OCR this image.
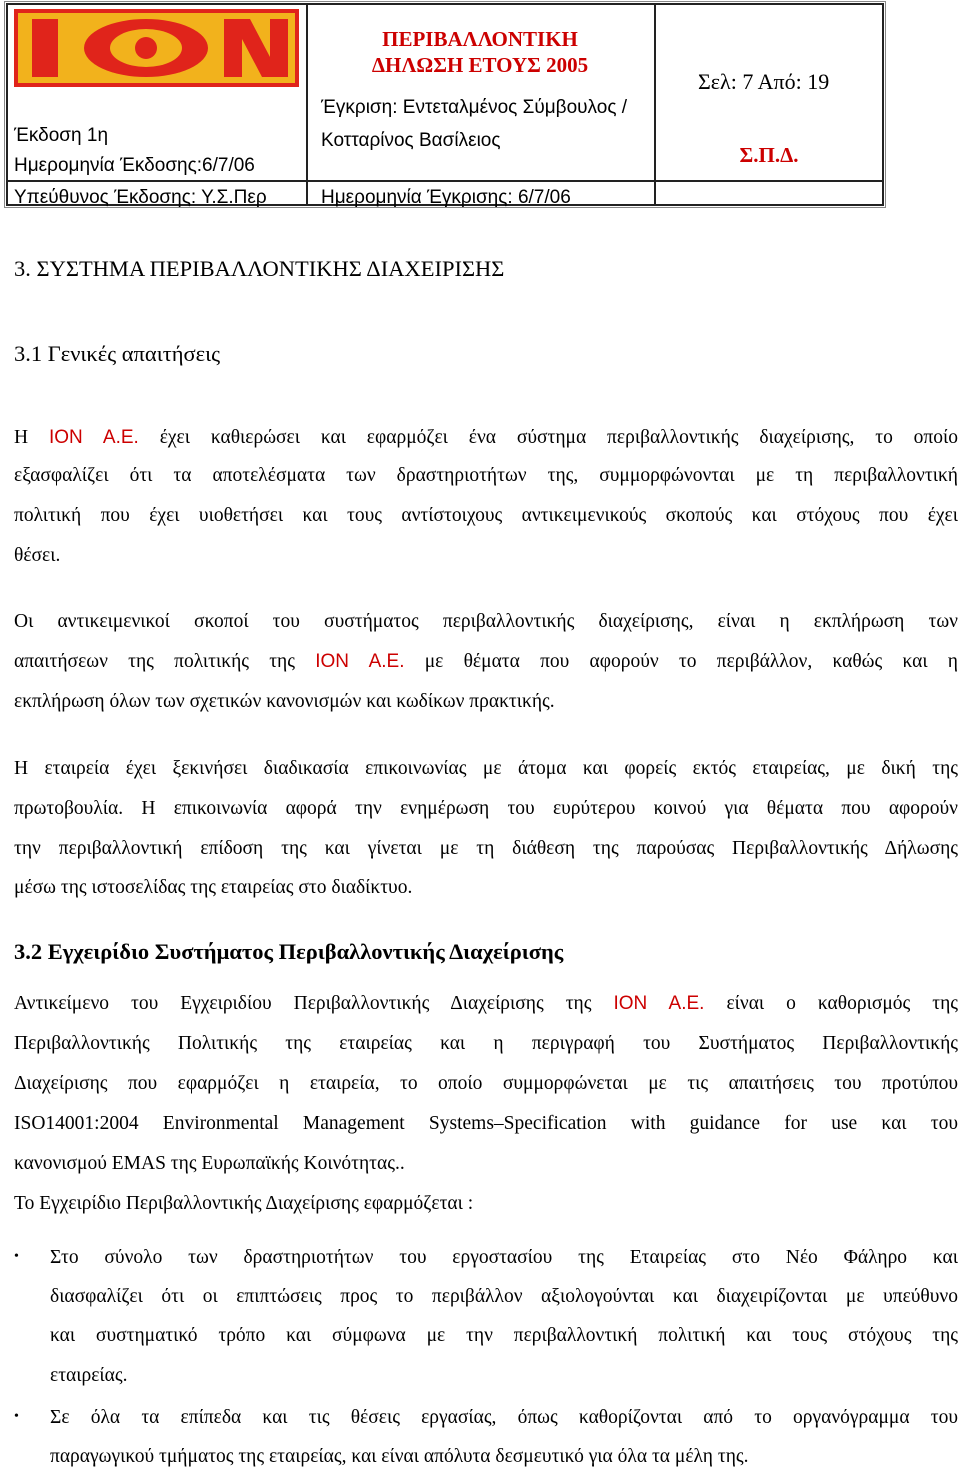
Έκδοση 1η
Ημερομηνία Έκδοσης:6/7/06
ΠΕΡΙΒΑΛΛΟΝΤΙΚΗ
ΔΗΛΩΣΗ ΕΤΟΥΣ 2005
Έγκριση: Εντεταλμένος Σύμβουλος /
Κοτταρίνος Βασίλειος
Σελ: 7 Από: 19
Σ.Π.Δ.
Υπεύθυνος Έκδοσης: Υ.Σ.Περ	Ημερομηνία Έγκρισης: 6/7/06
3. ΣΥΣΤΗΜΑ ΠΕΡΙΒΑΛΛΟΝΤΙΚΗΣ ΔΙΑΧΕΙΡΙΣΗΣ
3.1 Γενικές απαιτήσεις

Η ΙΟΝ Α.Ε. έχει καθιερώσει και εφαρμόζει ένα σύστημα περιβαλλοντικής διαχείρισης, το οποίο

εξασφαλίζει ότι τα αποτελέσματα των δραστηριοτήτων της, συμμορφώνονται με τη περιβαλλοντική

πολιτική που έχει υιοθετήσει και τους αντίστοιχους αντικειμενικούς σκοπούς και στόχους που έχει

θέσει.

Οι αντικειμενικοί σκοποί του συστήματος περιβαλλοντικής διαχείρισης, είναι η εκπλήρωση των

απαιτήσεων της πολιτικής της ΙΟΝ Α.Ε. με θέματα που αφορούν το περιβάλλον, καθώς και η

εκπλήρωση όλων των σχετικών κανονισμών και κωδίκων πρακτικής.

Η εταιρεία έχει ξεκινήσει διαδικασία επικοινωνίας με άτομα και φορείς εκτός εταιρείας, με δική της

πρωτοβουλία. Η επικοινωνία αφορά την ενημέρωση του ευρύτερου κοινού για θέματα που αφορούν

την περιβαλλοντική επίδοση της και γίνεται με τη διάθεση της παρούσας Περιβαλλοντικής Δήλωσης

μέσω της ιστοσελίδας της εταιρείας στο διαδίκτυο.

3.2 Εγχειρίδιο Συστήματος Περιβαλλοντικής Διαχείρισης

Αντικείμενο του Εγχειριδίου Περιβαλλοντικής Διαχείρισης της ΙΟΝ Α.Ε. είναι ο καθορισμός της

Περιβαλλοντικής Πολιτικής της εταιρείας και η περιγραφή του Συστήματος Περιβαλλοντικής

Διαχείρισης που εφαρμόζει η εταιρεία, το οποίο συμμορφώνεται με τις απαιτήσεις του προτύπου

ISO14001:2004 Environmental Management Systems–Specification with guidance for use και του

κανονισμού EMAS της Ευρωπαϊκής Κοινότητας..

Το Εγχειρίδιο Περιβαλλοντικής Διαχείρισης εφαρμόζεται :

• Στο σύνολο των δραστηριοτήτων του εργοστασίου της Εταιρείας στο Νέο Φάληρο και

διασφαλίζει ότι οι επιπτώσεις προς το περιβάλλον αξιολογούνται και διαχειρίζονται με υπεύθυνο

και συστηματικό τρόπο και σύμφωνα με την περιβαλλοντική πολιτική και τους στόχους της

εταιρείας.

• Σε όλα τα επίπεδα και τις θέσεις εργασίας, όπως καθορίζονται από το οργανόγραμμα του

παραγωγικού τμήματος της εταιρείας, και είναι απόλυτα δεσμευτικό για όλα τα μέλη της.
